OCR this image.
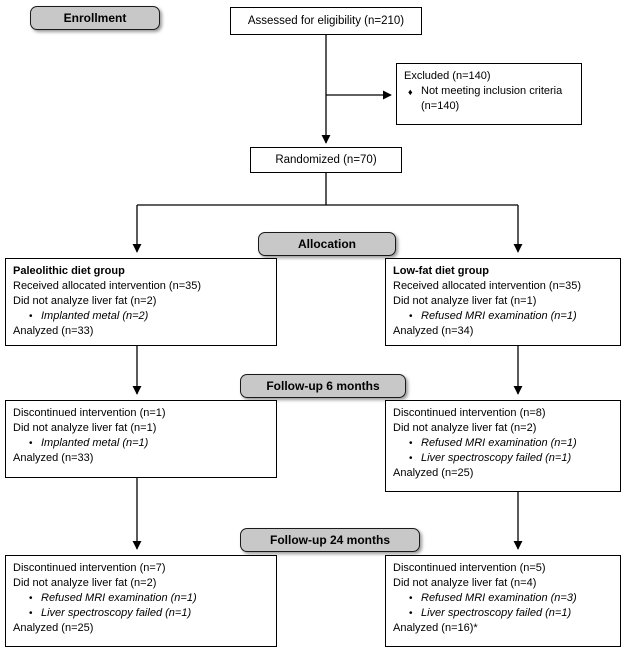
Enrollment
Allocation
Follow-up 6 months
Follow-up 24 months
Assessed for eligibility (n=210)
Excluded (n=140)
♦ Not meeting inclusion criteria (n=140)
Randomized (n=70)
Paleolithic diet group
Received allocated intervention (n=35)
Did not analyze liver fat (n=2)
• Implanted metal (n=2)
Analyzed (n=33)
Low-fat diet group
Received allocated intervention (n=35)
Did not analyze liver fat (n=1)
• Refused MRI examination (n=1)
Analyzed (n=34)
Discontinued intervention (n=1)
Did not analyze liver fat (n=1)
• Implanted metal (n=1)
Analyzed (n=33)
Discontinued intervention (n=8)
Did not analyze liver fat (n=2)
• Refused MRI examination (n=1)
• Liver spectroscopy failed (n=1)
Analyzed (n=25)
Discontinued intervention (n=7)
Did not analyze liver fat (n=2)
• Refused MRI examination (n=1)
• Liver spectroscopy failed (n=1)
Analyzed (n=25)
Discontinued intervention (n=5)
Did not analyze liver fat (n=4)
• Refused MRI examination (n=3)
• Liver spectroscopy failed (n=1)
Analyzed (n=16)*
